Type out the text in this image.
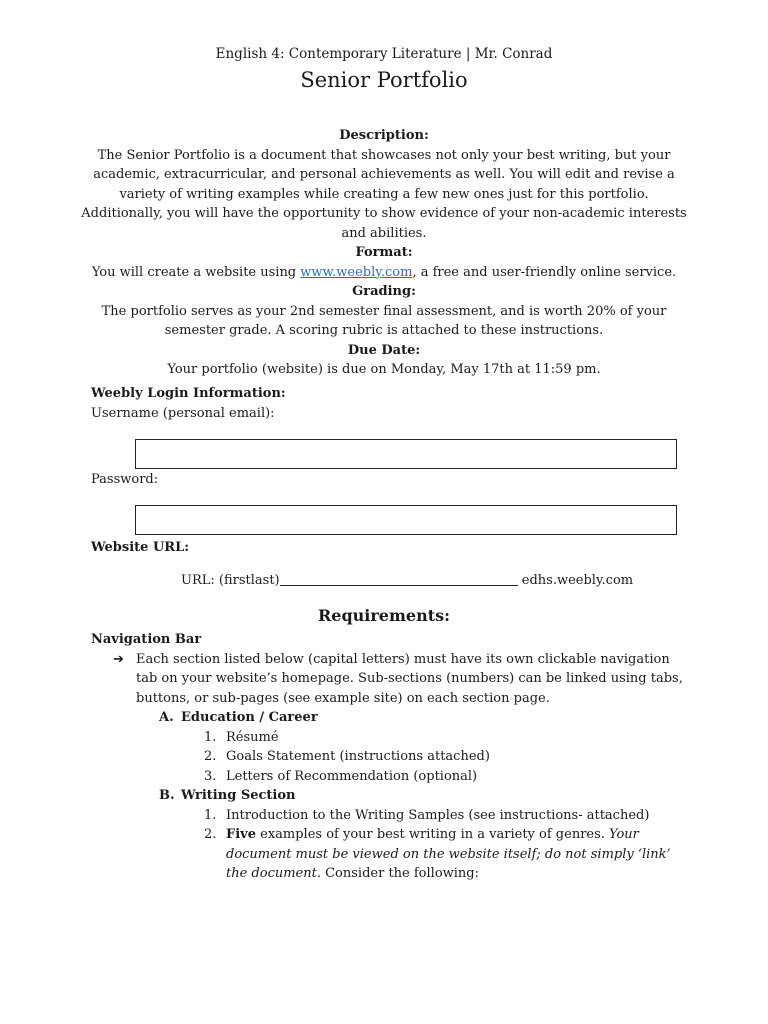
English 4: Contemporary Literature | Mr. Conrad
Senior Portfolio
Description:

The Senior Portfolio is a document that showcases not only your best writing, but your academic, extracurricular, and personal achievements as well. You will edit and revise a variety of writing examples while creating a few new ones just for this portfolio. Additionally, you will have the opportunity to show evidence of your non-academic interests and abilities.

Format:

You will create a website using www.weebly.com, a free and user-friendly online service.

Grading:

The portfolio serves as your 2nd semester final assessment, and is worth 20% of your semester grade. A scoring rubric is attached to these instructions.

Due Date:

Your portfolio (website) is due on Monday, May 17th at 11:59 pm.

Weebly Login Information:
Username (personal email):
Password:
Website URL:
URL: (firstlast)	edhs.weebly.com
Requirements:
Navigation Bar
➔ Each section listed below (capital letters) must have its own clickable navigation tab on your website’s homepage. Sub-sections (numbers) can be linked using tabs, buttons, or sub-pages (see example site) on each section page.
A. Education / Career
1. Résumé
2. Goals Statement (instructions attached)
3. Letters of Recommendation (optional)
B. Writing Section
1. Introduction to the Writing Samples (see instructions- attached)
2. Five examples of your best writing in a variety of genres. Your document must be viewed on the website itself; do not simply ‘link’ the document. Consider the following:
